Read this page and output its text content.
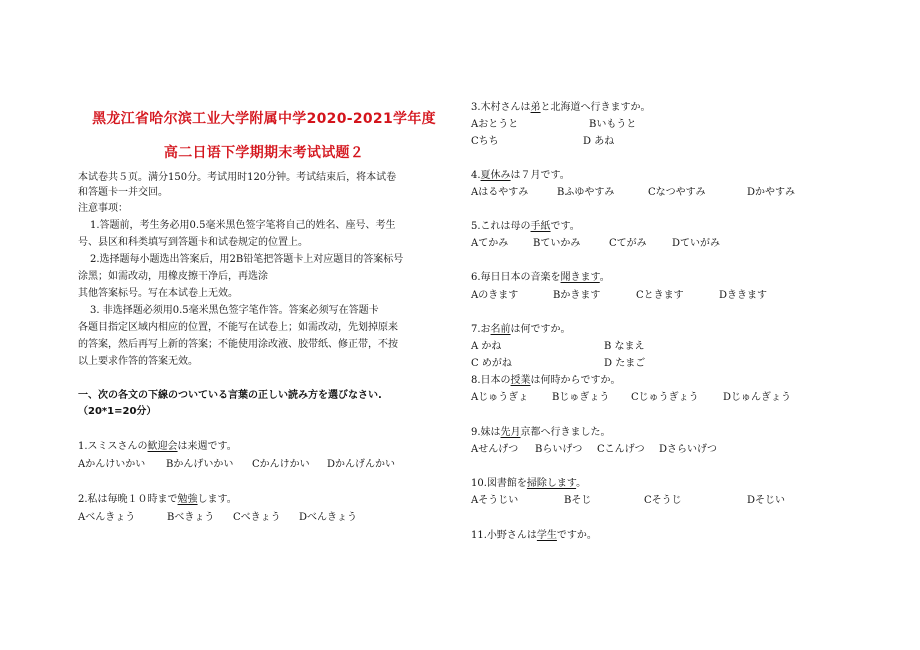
黑龙江省哈尔滨工业大学附属中学2020-2021学年度
高二日语下学期期末考试试题２
本试卷共５页。满分150分。考试用时120分钟。考试结束后，将本试卷
和答题卡一并交回。
注意事项：
1.答题前，考生务必用0.5毫米黑色签字笔将自己的姓名、座号、考生
号、县区和科类填写到答题卡和试卷规定的位置上。
2.选择题每小题选出答案后，用2B铅笔把答题卡上对应题目的答案标号
涂黑；如需改动，用橡皮擦干净后，再选涂
其他答案标号。写在本试卷上无效。
3. 非选择题必须用0.5毫米黑色签字笔作答。答案必须写在答题卡
各题目指定区域内相应的位置，不能写在试卷上；如需改动，先划掉原来
的答案，然后再写上新的答案；不能使用涂改液、胶带纸、修正带，不按
以上要求作答的答案无效。
一、次の各文の下線のついている言葉の正しい読み方を選びなさい.
（20*1=20分）
1.スミスさんの歓迎会は来週です。
Aかんけいかい Bかんげいかい Cかんけかい Dかんげんかい
2.私は毎晩１０時まで勉強します。
Aべんきょう	Bべきょう Cべきょう Dべんきょう
3.木村さんは弟と北海道へ行きますか。
Aおとうと	Bいもうと
Cちち	D あね
4.夏休みは７月です。
Aはるやすみ	Bふゆやすみ	Cなつやすみ	Dかやすみ
5.これは母の手紙です。
Aてかみ Bていかみ	Cてがみ	Dていがみ
6.毎日日本の音楽を聞きます。
Aのきます	Bかきます	Cときます	Dききます
7.お名前は何ですか。
A かね	B なまえ
C めがね	D たまご
8.日本の授業は何時からですか。
Aじゅうぎょ Bじゅぎょう Cじゅうぎょう Dじゅんぎょう
9.妹は先月京都へ行きました。
Aせんげつ Bらいげつ Cこんげつ Dさらいげつ
10.図書館を掃除します。
Aそうじい	Bそじ	Cそうじ	Dそじい
11.小野さんは学生ですか。
